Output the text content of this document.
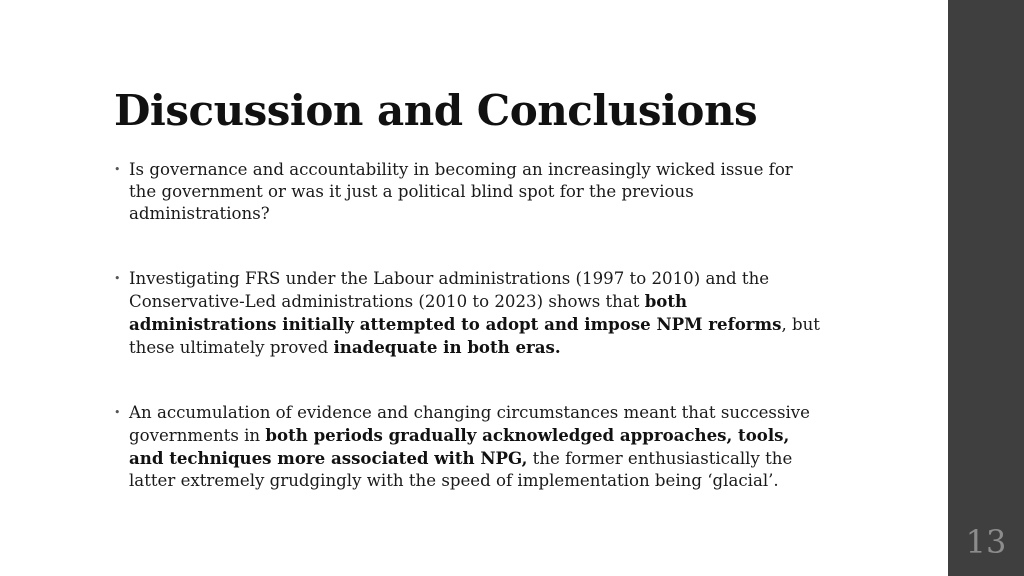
Discussion and Conclusions
• Is governance and accountability in becoming an increasingly wicked issue for the government or was it just a political blind spot for the previous administrations?
• Investigating FRS under the Labour administrations (1997 to 2010) and the Conservative-Led administrations (2010 to 2023) shows that both administrations initially attempted to adopt and impose NPM reforms, but these ultimately proved inadequate in both eras.
• An accumulation of evidence and changing circumstances meant that successive governments in both periods gradually acknowledged approaches, tools, and techniques more associated with NPG, the former enthusiastically the latter extremely grudgingly with the speed of implementation being ‘glacial’.
13
